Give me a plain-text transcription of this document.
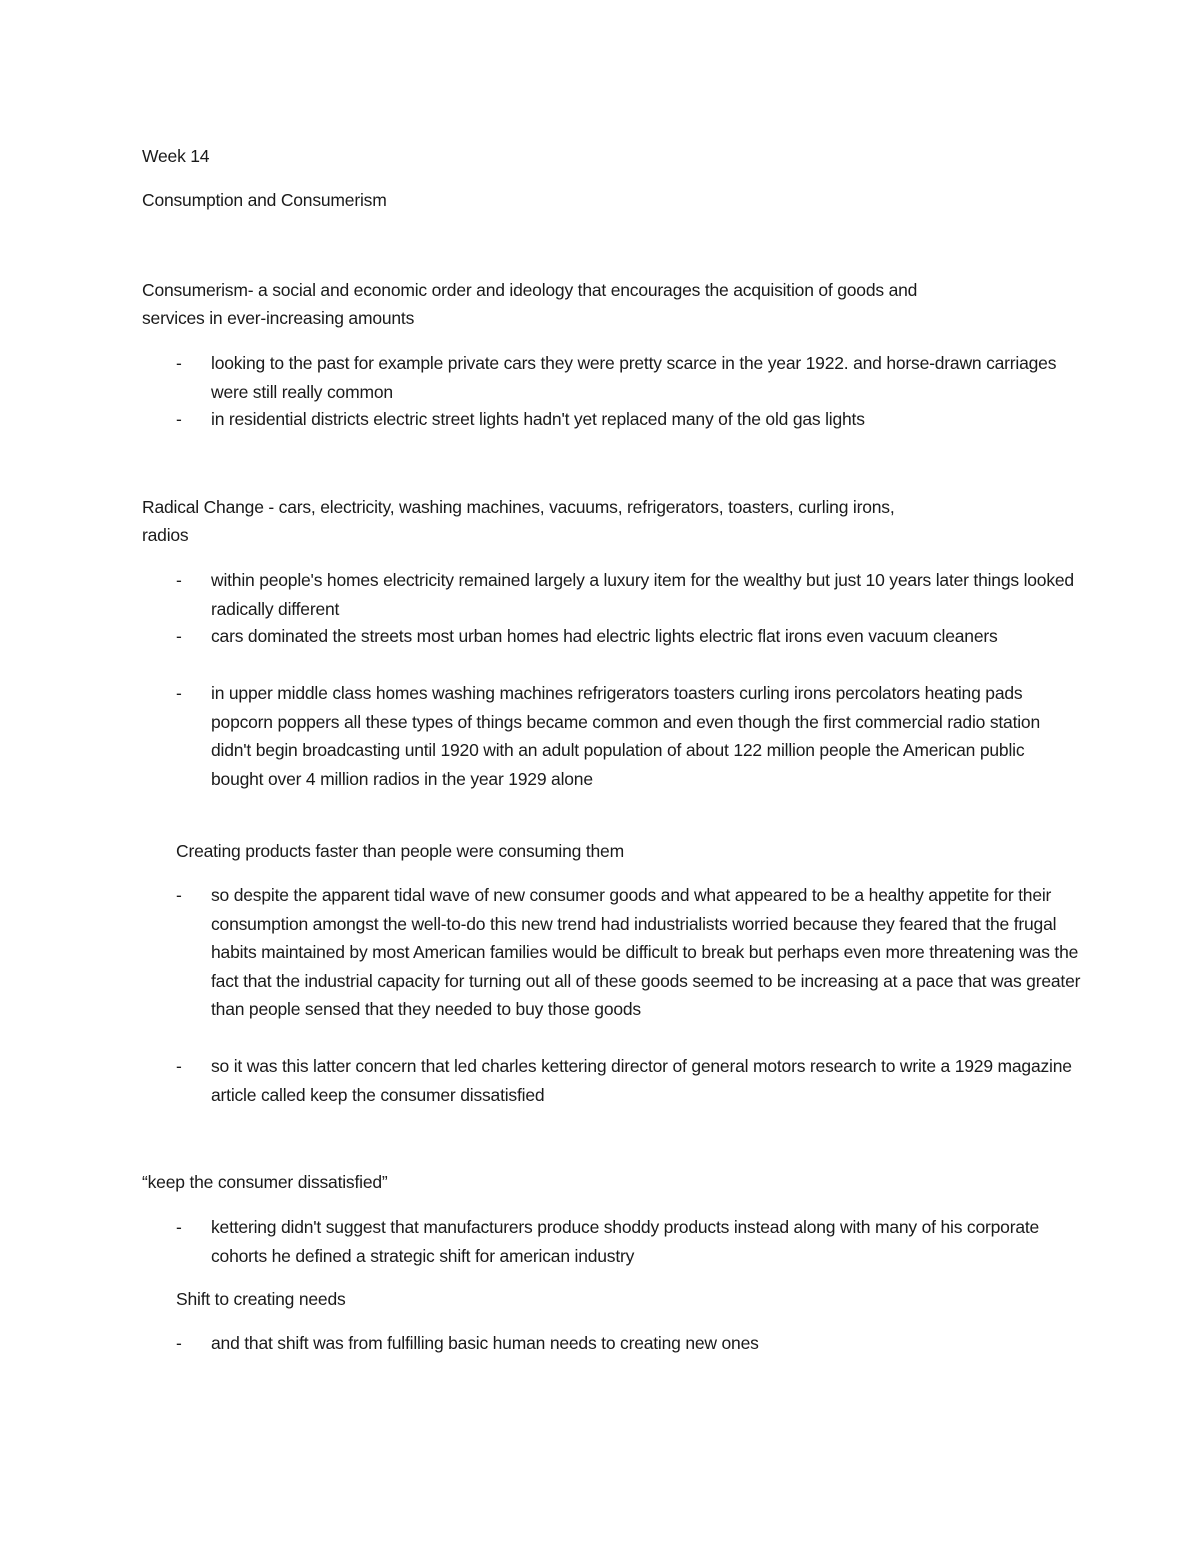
Week 14
Consumption and Consumerism
Consumerism- a social and economic order and ideology that encourages the acquisition of goods and
services in ever-increasing amounts
- looking to the past for example private cars they were pretty scarce in the year 1922. and horse-drawn carriages were still really common
- in residential districts electric street lights hadn't yet replaced many of the old gas lights
Radical Change - cars, electricity, washing machines, vacuums, refrigerators, toasters, curling irons,
radios
- within people's homes electricity remained largely a luxury item for the wealthy but just 10 years later things looked radically different
- cars dominated the streets most urban homes had electric lights electric flat irons even vacuum cleaners
- in upper middle class homes washing machines refrigerators toasters curling irons percolators heating pads popcorn poppers all these types of things became common and even though the first commercial radio station didn't begin broadcasting until 1920 with an adult population of about 122 million people the American public bought over 4 million radios in the year 1929 alone
Creating products faster than people were consuming them
- so despite the apparent tidal wave of new consumer goods and what appeared to be a healthy appetite for their consumption amongst the well-to-do this new trend had industrialists worried because they feared that the frugal habits maintained by most American families would be difficult to break but perhaps even more threatening was the fact that the industrial capacity for turning out all of these goods seemed to be increasing at a pace that was greater than people sensed that they needed to buy those goods
- so it was this latter concern that led charles kettering director of general motors research to write a 1929 magazine article called keep the consumer dissatisfied
“keep the consumer dissatisfied”
- kettering didn't suggest that manufacturers produce shoddy products instead along with many of his corporate cohorts he defined a strategic shift for american industry
Shift to creating needs
- and that shift was from fulfilling basic human needs to creating new ones
